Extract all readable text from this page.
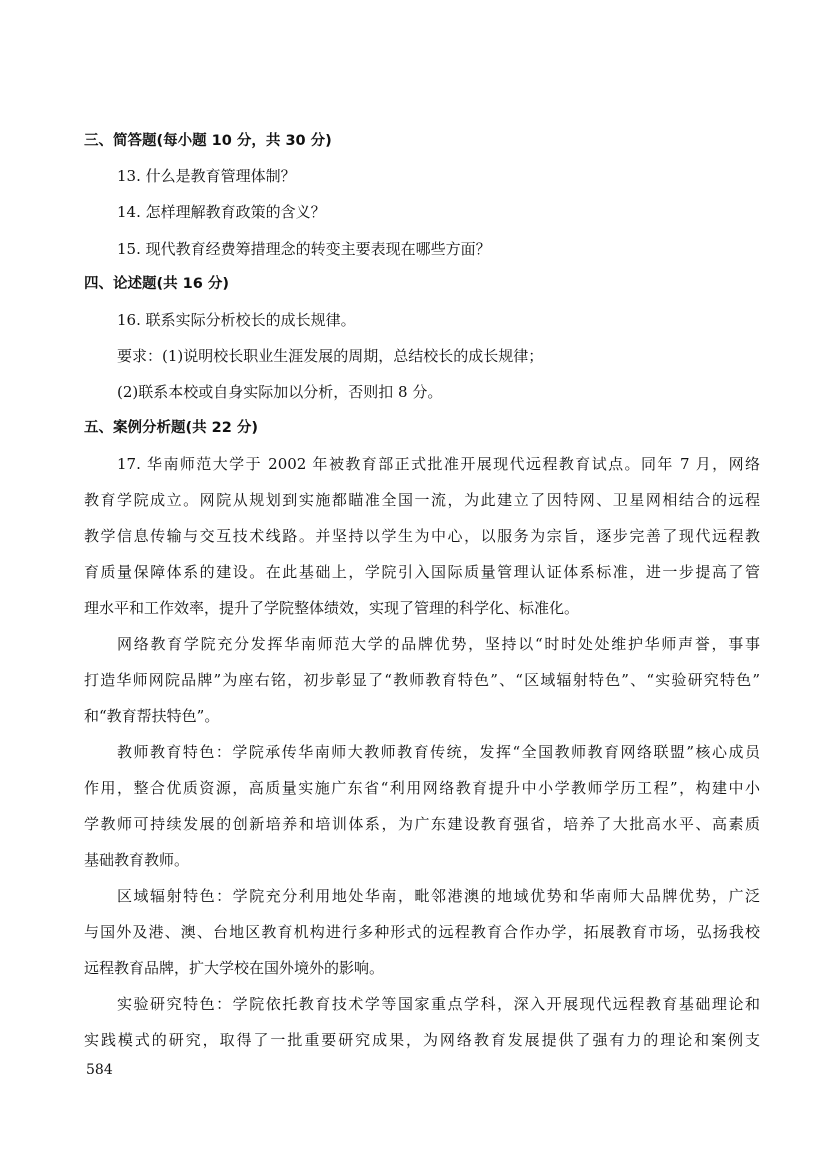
三、简答题(每小题 10 分，共 30 分)
13. 什么是教育管理体制？
14. 怎样理解教育政策的含义？
15. 现代教育经费筹措理念的转变主要表现在哪些方面？
四、论述题(共 16 分)
16. 联系实际分析校长的成长规律。
要求：(1)说明校长职业生涯发展的周期，总结校长的成长规律；
(2)联系本校或自身实际加以分析，否则扣 8 分。
五、案例分析题(共 22 分)
17. 华南师范大学于 2002 年被教育部正式批准开展现代远程教育试点。同年 7 月，网络
教育学院成立。网院从规划到实施都瞄准全国一流，为此建立了因特网、卫星网相结合的远程
教学信息传输与交互技术线路。并坚持以学生为中心，以服务为宗旨，逐步完善了现代远程教
育质量保障体系的建设。在此基础上，学院引入国际质量管理认证体系标准，进一步提高了管
理水平和工作效率，提升了学院整体绩效，实现了管理的科学化、标准化。
网络教育学院充分发挥华南师范大学的品牌优势，坚持以“时时处处维护华师声誉，事事
打造华师网院品牌”为座右铭，初步彰显了“教师教育特色”、“区域辐射特色”、“实验研究特色”
和“教育帮扶特色”。
教师教育特色：学院承传华南师大教师教育传统，发挥“全国教师教育网络联盟”核心成员
作用，整合优质资源，高质量实施广东省“利用网络教育提升中小学教师学历工程”，构建中小
学教师可持续发展的创新培养和培训体系，为广东建设教育强省，培养了大批高水平、高素质
基础教育教师。
区域辐射特色：学院充分利用地处华南，毗邻港澳的地域优势和华南师大品牌优势，广泛
与国外及港、澳、台地区教育机构进行多种形式的远程教育合作办学，拓展教育市场，弘扬我校
远程教育品牌，扩大学校在国外境外的影响。
实验研究特色：学院依托教育技术学等国家重点学科，深入开展现代远程教育基础理论和
实践模式的研究，取得了一批重要研究成果，为网络教育发展提供了强有力的理论和案例支
584
